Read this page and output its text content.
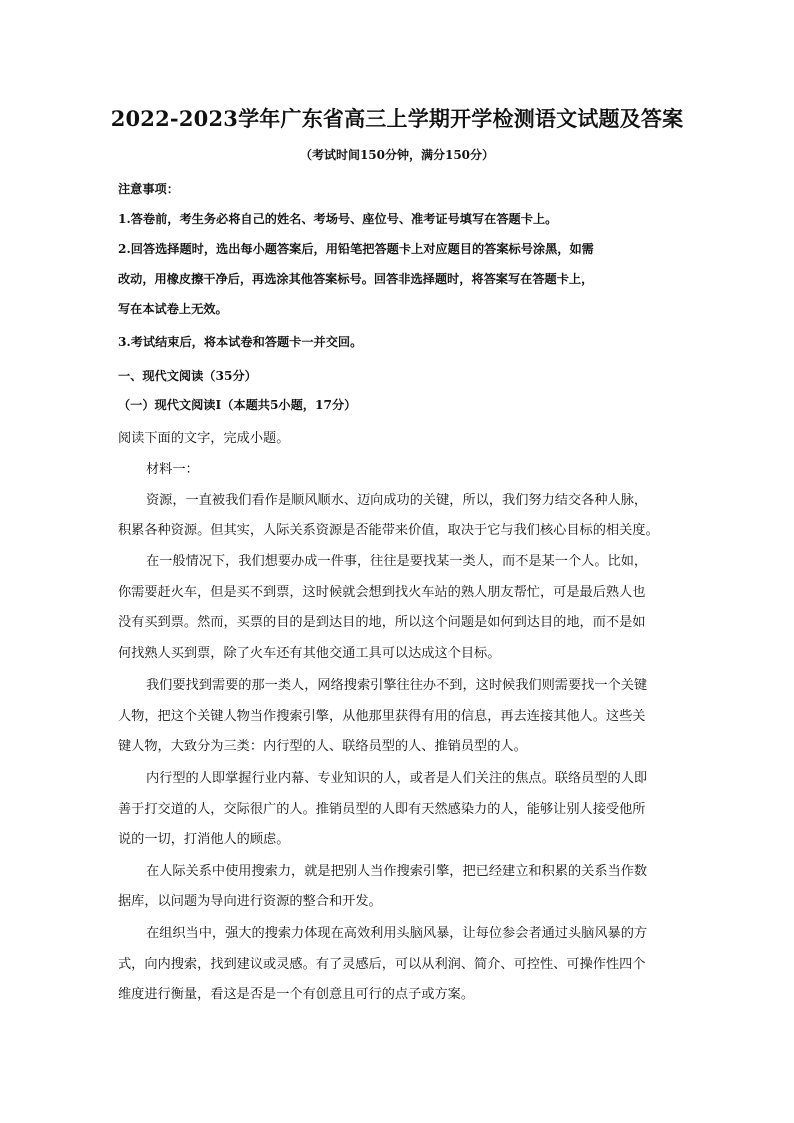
2022-2023学年广东省高三上学期开学检测语文试题及答案
（考试时间150分钟，满分150分）
注意事项：
1.答卷前，考生务必将自己的姓名、考场号、座位号、准考证号填写在答题卡上。
2.回答选择题时，选出每小题答案后，用铅笔把答题卡上对应题目的答案标号涂黑，如需
改动，用橡皮擦干净后，再选涂其他答案标号。回答非选择题时，将答案写在答题卡上，
写在本试卷上无效。
3.考试结束后，将本试卷和答题卡一并交回。
一、现代文阅读（35分）
（一）现代文阅读Ⅰ（本题共5小题，17分）
阅读下面的文字，完成小题。
材料一：
资源，一直被我们看作是顺风顺水、迈向成功的关键，所以，我们努力结交各种人脉，
积累各种资源。但其实，人际关系资源是否能带来价值，取决于它与我们核心目标的相关度。
在一般情况下，我们想要办成一件事，往往是要找某一类人，而不是某一个人。比如，
你需要赶火车，但是买不到票，这时候就会想到找火车站的熟人朋友帮忙，可是最后熟人也
没有买到票。然而，买票的目的是到达目的地，所以这个问题是如何到达目的地，而不是如
何找熟人买到票，除了火车还有其他交通工具可以达成这个目标。
我们要找到需要的那一类人，网络搜索引擎往往办不到，这时候我们则需要找一个关键
人物，把这个关键人物当作搜索引擎，从他那里获得有用的信息，再去连接其他人。这些关
键人物，大致分为三类：内行型的人、联络员型的人、推销员型的人。
内行型的人即掌握行业内幕、专业知识的人，或者是人们关注的焦点。联络员型的人即
善于打交道的人，交际很广的人。推销员型的人即有天然感染力的人，能够让别人接受他所
说的一切，打消他人的顾虑。
在人际关系中使用搜索力，就是把别人当作搜索引擎，把已经建立和积累的关系当作数
据库，以问题为导向进行资源的整合和开发。
在组织当中，强大的搜索力体现在高效利用头脑风暴，让每位参会者通过头脑风暴的方
式，向内搜索，找到建议或灵感。有了灵感后，可以从利润、简介、可控性、可操作性四个
维度进行衡量，看这是否是一个有创意且可行的点子或方案。
